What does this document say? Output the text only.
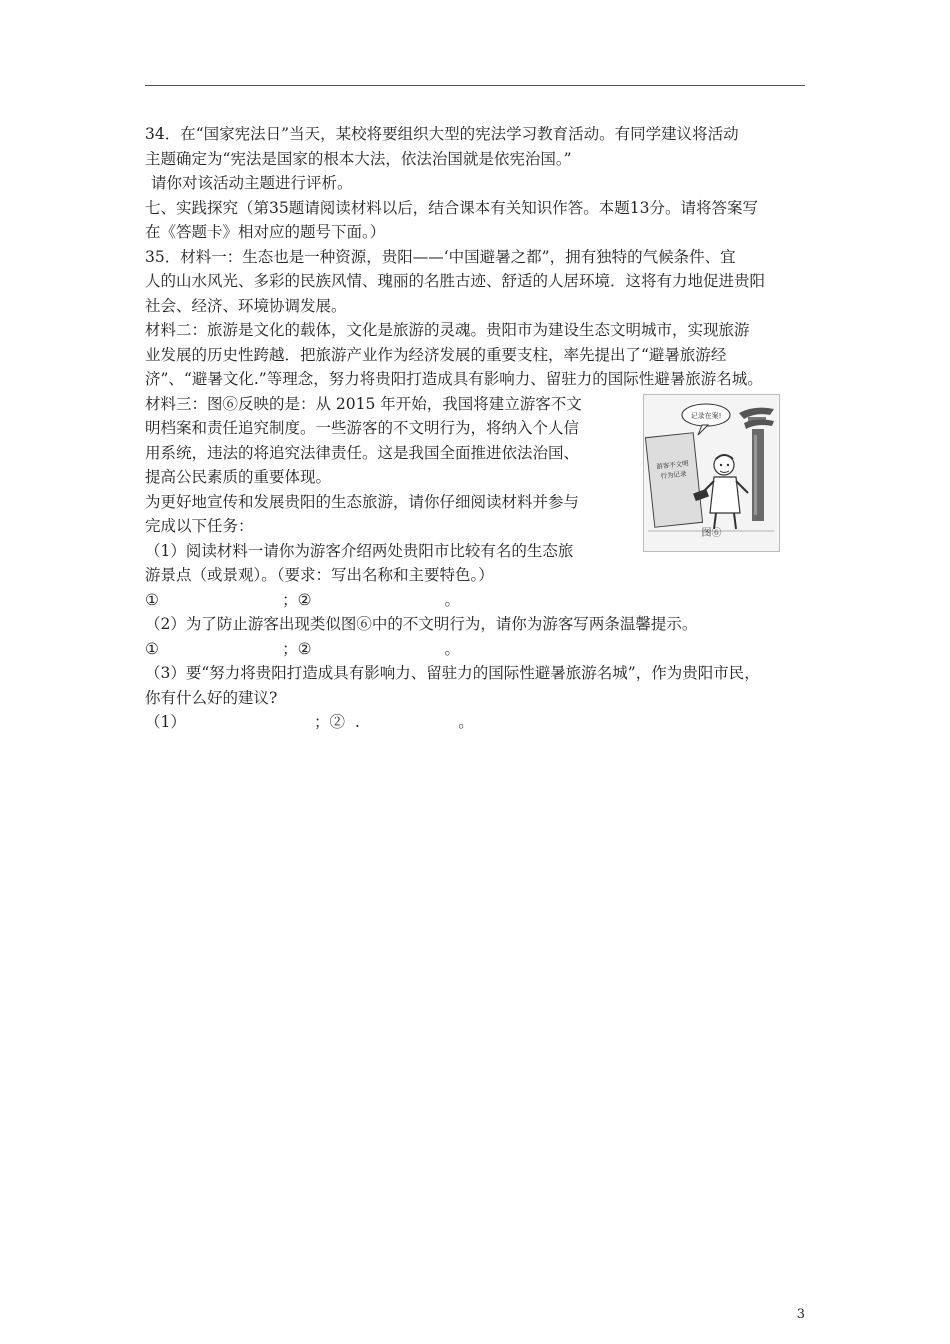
34．在“国家宪法日”当天，某校将要组织大型的宪法学习教育活动。有同学建议将活动

主题确定为“宪法是国家的根本大法，依法治国就是依宪治国。”

请你对该活动主题进行评析。

七、实践探究（第35题请阅读材料以后，结合课本有关知识作答。本题13分。请将答案写

在《答题卡》相对应的题号下面。）

35．材料一：生态也是一种资源，贵阳——‘中国避暑之都”，拥有独特的气候条件、宜

人的山水风光、多彩的民族风情、瑰丽的名胜古迹、舒适的人居环境．这将有力地促进贵阳

社会、经济、环境协调发展。

材料二：旅游是文化的载体，文化是旅游的灵魂。贵阳市为建设生态文明城市，实现旅游

业发展的历史性跨越．把旅游产业作为经济发展的重要支柱，率先提出了“避暑旅游经

济”、“避暑文化.”等理念，努力将贵阳打造成具有影响力、留驻力的国际性避暑旅游名城。

记录在案!
游客不文明
行为记录
图⑥

材料三：图⑥反映的是：从 2015 年开始，我国将建立游客不文

明档案和责任追究制度。一些游客的不文明行为，将纳入个人信

用系统，违法的将追究法律责任。这是我国全面推进依法治国、

提高公民素质的重要体现。

为更好地宣传和发展贵阳的生态旅游，请你仔细阅读材料并参与

完成以下任务：

（1）阅读材料一请你为游客介绍两处贵阳市比较有名的生态旅

游景点（或景观）。（要求：写出名称和主要特色。）

①                         ；②                           。

（2）为了防止游客出现类似图⑥中的不文明行为，请你为游客写两条温馨提示。

①                         ；②                           。

（3）要“努力将贵阳打造成具有影响力、留驻力的国际性避暑旅游名城”，作为贵阳市民，

你有什么好的建议?

（1）                          ；②  .                    。

3
